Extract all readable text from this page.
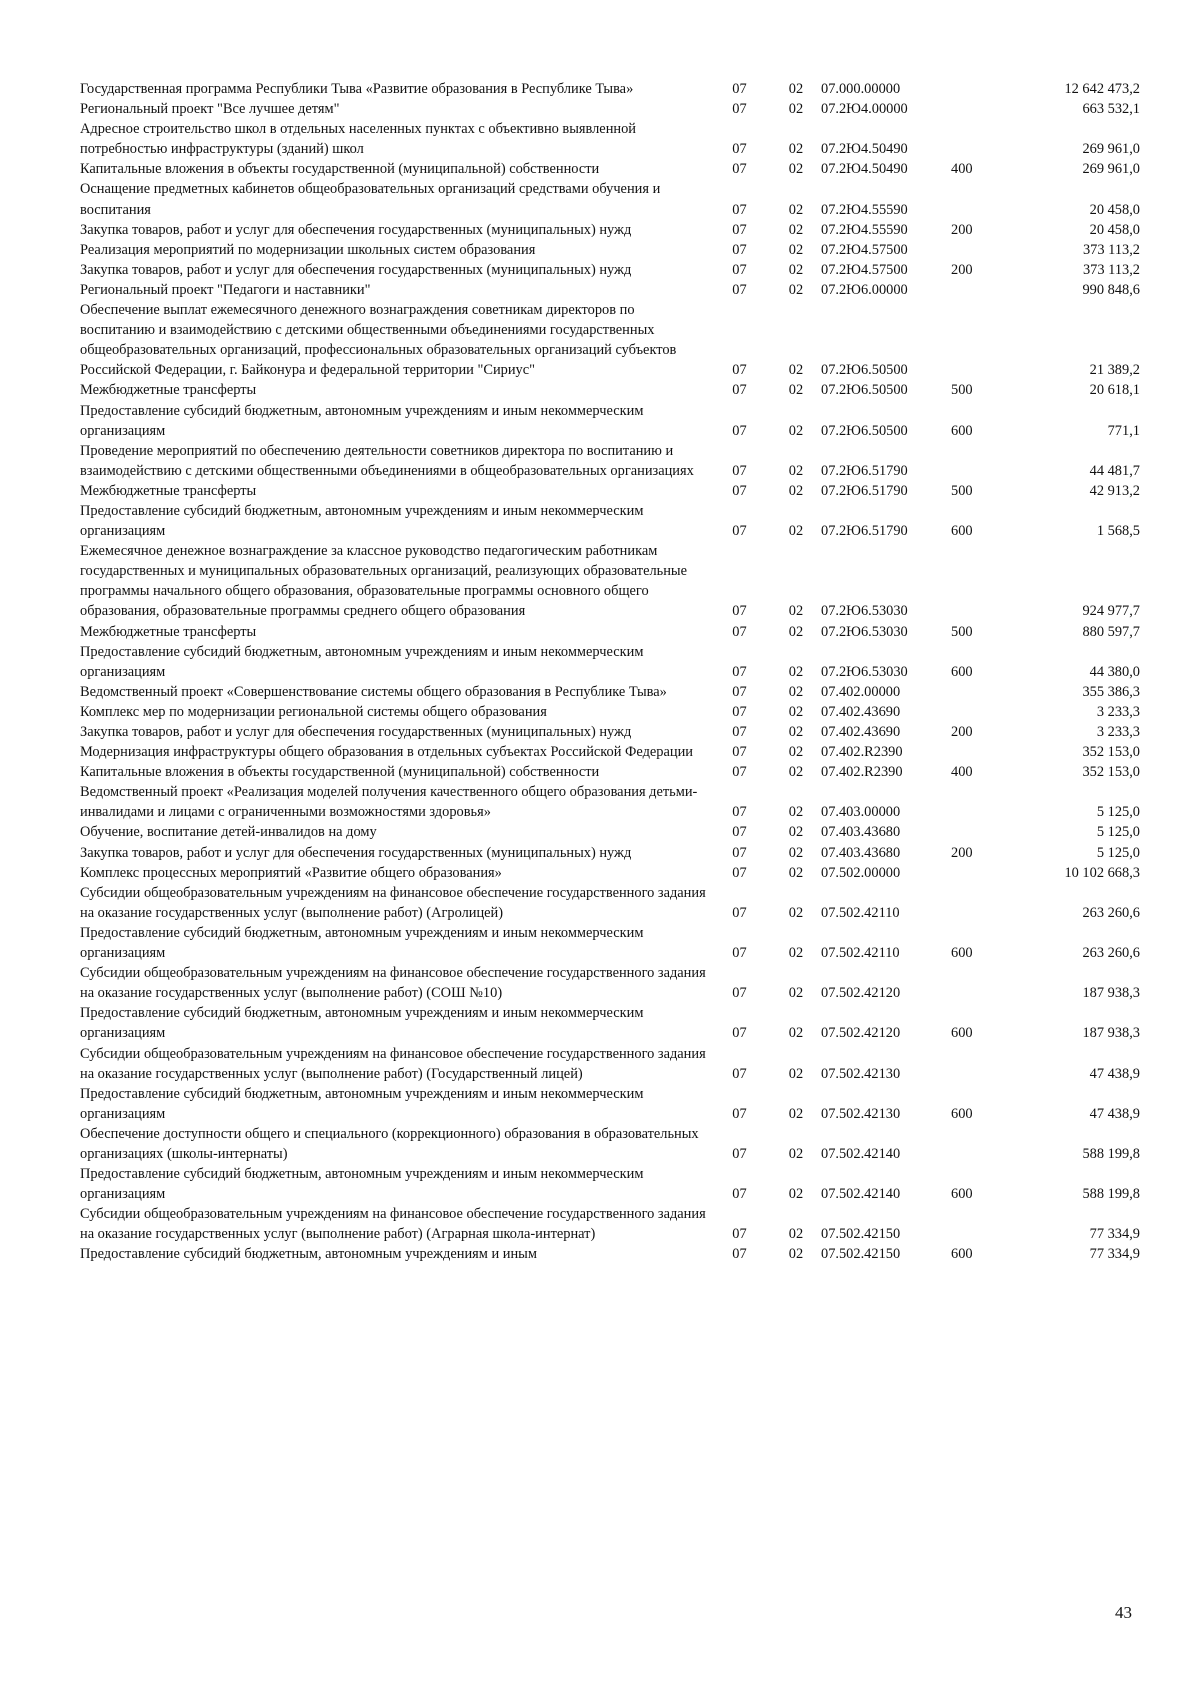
Государственная программа Республики Тыва «Развитие образования в Республике Тыва»	07	02	07.000.00000		12 642 473,2
Региональный проект "Все лучшее детям"	07	02	07.2Ю4.00000		663 532,1
Адресное строительство школ в отдельных населенных пунктах с объективно выявленной потребностью инфраструктуры (зданий) школ	07	02	07.2Ю4.50490		269 961,0
Капитальные вложения в объекты государственной (муниципальной) собственности	07	02	07.2Ю4.50490	400	269 961,0
Оснащение предметных кабинетов общеобразовательных организаций средствами обучения и воспитания	07	02	07.2Ю4.55590		20 458,0
Закупка товаров, работ и услуг для обеспечения государственных (муниципальных) нужд	07	02	07.2Ю4.55590	200	20 458,0
Реализация мероприятий по модернизации школьных систем образования	07	02	07.2Ю4.57500		373 113,2
Закупка товаров, работ и услуг для обеспечения государственных (муниципальных) нужд	07	02	07.2Ю4.57500	200	373 113,2
Региональный проект "Педагоги и наставники"	07	02	07.2Ю6.00000		990 848,6
Обеспечение выплат ежемесячного денежного вознаграждения советникам директоров по воспитанию и взаимодействию с детскими общественными объединениями государственных общеобразовательных организаций, профессиональных образовательных организаций субъектов Российской Федерации, г. Байконура и федеральной территории "Сириус"	07	02	07.2Ю6.50500		21 389,2
Межбюджетные трансферты	07	02	07.2Ю6.50500	500	20 618,1
Предоставление субсидий бюджетным, автономным учреждениям и иным некоммерческим организациям	07	02	07.2Ю6.50500	600	771,1
Проведение мероприятий по обеспечению деятельности советников директора по воспитанию и взаимодействию с детскими общественными объединениями в общеобразовательных организациях	07	02	07.2Ю6.51790		44 481,7
Межбюджетные трансферты	07	02	07.2Ю6.51790	500	42 913,2
Предоставление субсидий бюджетным, автономным учреждениям и иным некоммерческим организациям	07	02	07.2Ю6.51790	600	1 568,5
Ежемесячное денежное вознаграждение за классное руководство педагогическим работникам государственных и муниципальных образовательных организаций, реализующих образовательные программы начального общего образования, образовательные программы основного общего образования, образовательные программы среднего общего образования	07	02	07.2Ю6.53030		924 977,7
Межбюджетные трансферты	07	02	07.2Ю6.53030	500	880 597,7
Предоставление субсидий бюджетным, автономным учреждениям и иным некоммерческим организациям	07	02	07.2Ю6.53030	600	44 380,0
Ведомственный проект «Совершенствование системы общего образования в Республике Тыва»	07	02	07.402.00000		355 386,3
Комплекс мер по модернизации региональной системы общего образования	07	02	07.402.43690		3 233,3
Закупка товаров, работ и услуг для обеспечения государственных (муниципальных) нужд	07	02	07.402.43690	200	3 233,3
Модернизация инфраструктуры общего образования в отдельных субъектах Российской Федерации	07	02	07.402.R2390		352 153,0
Капитальные вложения в объекты государственной (муниципальной) собственности	07	02	07.402.R2390	400	352 153,0
Ведомственный проект «Реализация моделей получения качественного общего образования детьми-инвалидами и лицами с ограниченными возможностями здоровья»	07	02	07.403.00000		5 125,0
Обучение, воспитание детей-инвалидов на дому	07	02	07.403.43680		5 125,0
Закупка товаров, работ и услуг для обеспечения государственных (муниципальных) нужд	07	02	07.403.43680	200	5 125,0
Комплекс процессных мероприятий «Развитие общего образования»	07	02	07.502.00000		10 102 668,3
Субсидии общеобразовательным учреждениям на финансовое обеспечение государственного задания на оказание государственных услуг (выполнение работ) (Агролицей)	07	02	07.502.42110		263 260,6
Предоставление субсидий бюджетным, автономным учреждениям и иным некоммерческим организациям	07	02	07.502.42110	600	263 260,6
Субсидии общеобразовательным учреждениям на финансовое обеспечение государственного задания на оказание государственных услуг (выполнение работ) (СОШ №10)	07	02	07.502.42120		187 938,3
Предоставление субсидий бюджетным, автономным учреждениям и иным некоммерческим организациям	07	02	07.502.42120	600	187 938,3
Субсидии общеобразовательным учреждениям на финансовое обеспечение государственного задания на оказание государственных услуг (выполнение работ) (Государственный лицей)	07	02	07.502.42130		47 438,9
Предоставление субсидий бюджетным, автономным учреждениям и иным некоммерческим организациям	07	02	07.502.42130	600	47 438,9
Обеспечение доступности общего и специального (коррекционного) образования в образовательных организациях (школы-интернаты)	07	02	07.502.42140		588 199,8
Предоставление субсидий бюджетным, автономным учреждениям и иным некоммерческим организациям	07	02	07.502.42140	600	588 199,8
Субсидии общеобразовательным учреждениям на финансовое обеспечение государственного задания на оказание государственных услуг (выполнение работ) (Аграрная школа-интернат)	07	02	07.502.42150		77 334,9
Предоставление субсидий бюджетным, автономным учреждениям и иным	07	02	07.502.42150	600	77 334,9
43
